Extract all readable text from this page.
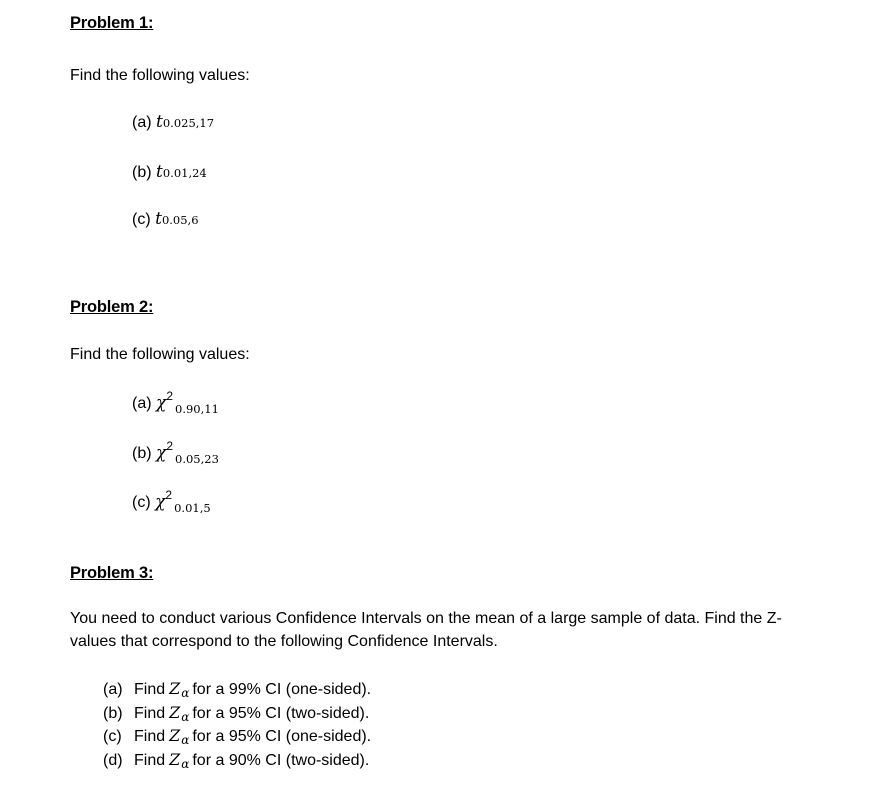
Problem 1:
Find the following values:
(a) t0.025,17
(b) t0.01,24
(c) t0.05,6
Problem 2:
Find the following values:
(a) $\chi^2_{0.90,11}$
(b) $\chi^2_{0.05,23}$
(c) $\chi^2_{0.01,5}$
Problem 3:
You need to conduct various Confidence Intervals on the mean of a large sample of data. Find the Z-
values that correspond to the following Confidence Intervals.
(a) Find Zα for a 99% CI (one-sided).
(b) Find Zα for a 95% CI (two-sided).
(c) Find Zα for a 95% CI (one-sided).
(d) Find Zα for a 90% CI (two-sided).
